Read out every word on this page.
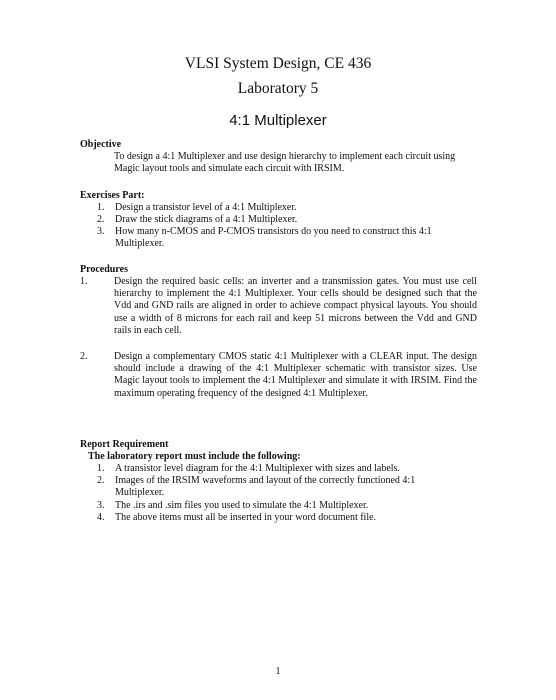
VLSI System Design, CE 436
Laboratory 5
4:1 Multiplexer
Objective
To design a 4:1 Multiplexer and use design hierarchy to implement each circuit using Magic layout tools and simulate each circuit with IRSIM.
Exercises Part:
1. Design a transistor level of a 4:1 Multiplexer.
2. Draw the stick diagrams of a 4:1 Multiplexer.
3. How many n-CMOS and P-CMOS transistors do you need to construct this 4:1 Multiplexer.
Procedures
1.	Design the required basic cells: an inverter and a transmission gates. You must use cell hierarchy to implement the 4:1 Multiplexer. Your cells should be designed such that the Vdd and GND rails are aligned in order to achieve compact physical layouts. You should use a width of 8 microns for each rail and keep 51 microns between the Vdd and GND rails in each cell.
2.	Design a complementary CMOS static 4:1 Multiplexer with a CLEAR input. The design should include a drawing of the 4:1 Multiplexer schematic with transistor sizes. Use Magic layout tools to implement the 4:1 Multiplexer and simulate it with IRSIM. Find the maximum operating frequency of the designed 4:1 Multiplexer.
Report Requirement
The laboratory report must include the following:
1. A transistor level diagram for the 4:1 Multiplexer with sizes and labels.
2. Images of the IRSIM waveforms and layout of the correctly functioned 4:1 Multiplexer.
3. The .irs and .sim files you used to simulate the 4:1 Multiplexer.
4. The above items must all be inserted in your word document file.
1
